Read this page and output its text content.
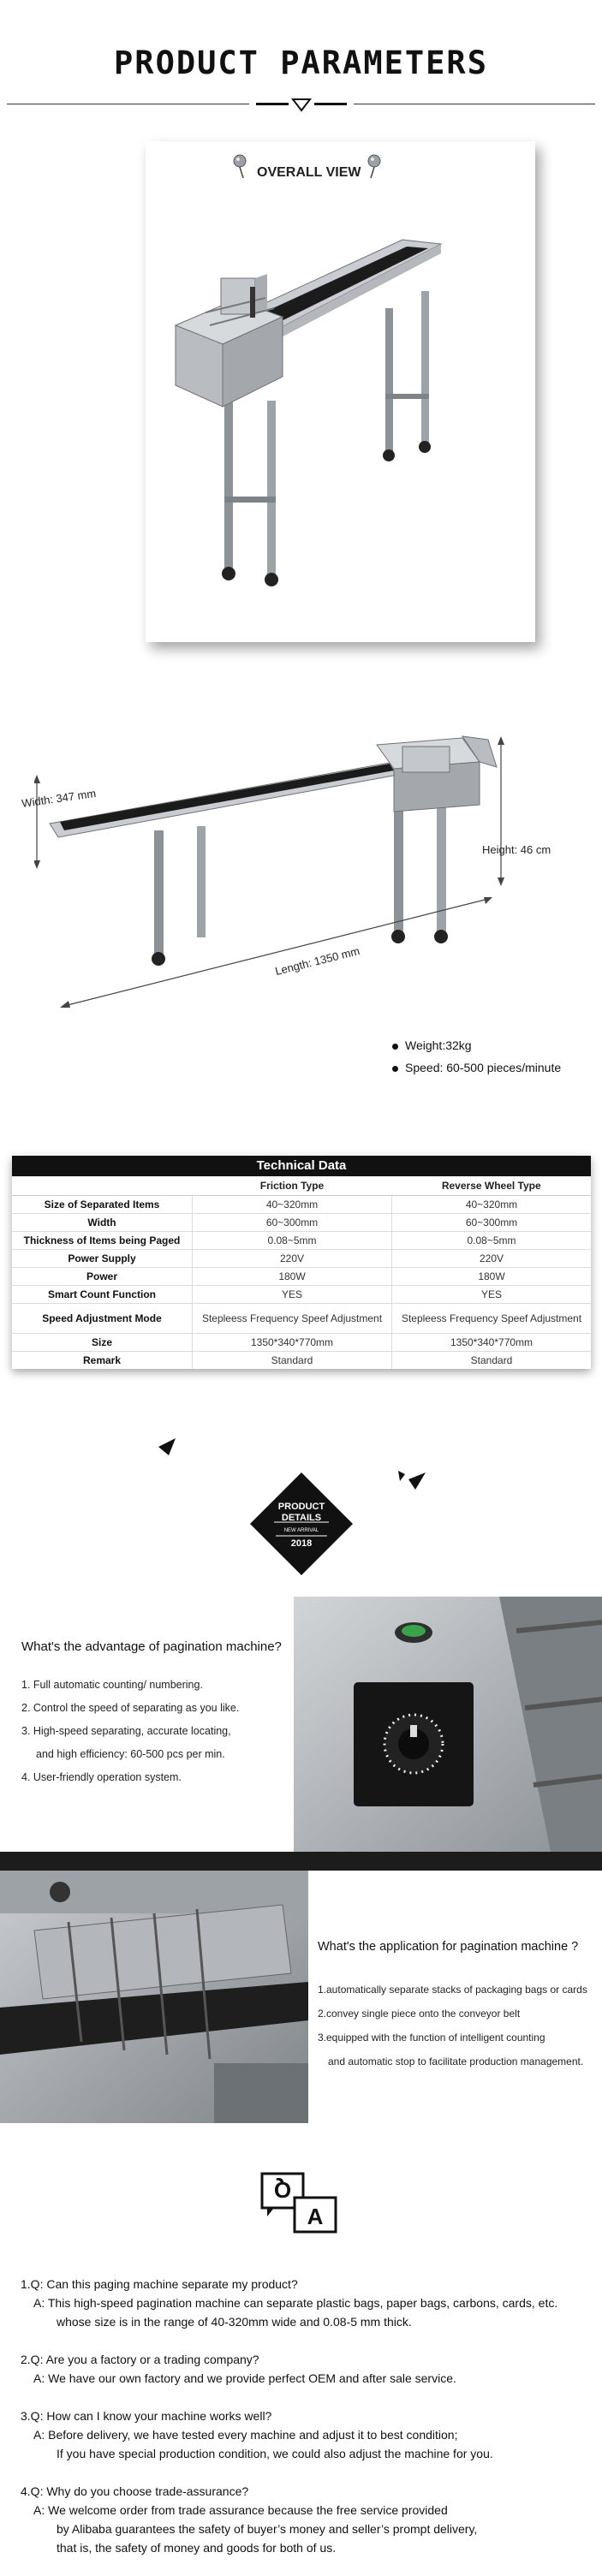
PRODUCT PARAMETERS
OVERALL VIEW
Width: 347 mm
Height: 46 cm
Length: 1350 mm
Weight:32kg
Speed: 60-500 pieces/minute
Technical Data
	Friction Type	Reverse Wheel Type
Size of Separated Items	40~320mm	40~320mm
Width	60~300mm	60~300mm
Thickness of Items being Paged	0.08~5mm	0.08~5mm
Power Supply	220V	220V
Power	180W	180W
Smart Count Function	YES	YES
Speed Adjustment Mode	Stepleess Frequency Speef Adjustment	Stepleess Frequency Speef Adjustment
Size	1350*340*770mm	1350*340*770mm
Remark	Standard	Standard
PRODUCT
DETAILS
NEW ARRIVAL
2018
What's the advantage of pagination machine?
1. Full automatic counting/ numbering.
2. Control the speed of separating as you like.
3. High-speed separating, accurate locating,
and high efficiency: 60-500 pcs per min.
4. User-friendly operation system.
What's the application for pagination machine ?
1.automatically separate stacks of packaging bags or cards
2.convey single piece onto the conveyor belt
3.equipped with the function of intelligent counting
and automatic stop to facilitate production management.
Q
A
1.Q: Can this paging machine separate my product?
A: This high-speed pagination machine can separate plastic bags, paper bags, carbons, cards, etc.
whose size is in the range of 40-320mm wide and 0.08-5 mm thick.
2.Q: Are you a factory or a trading company?
A: We have our own factory and we provide perfect OEM and after sale service.
3.Q: How can I know your machine works well?
A: Before delivery, we have tested every machine and adjust it to best condition;
If you have special production condition, we could also adjust the machine for you.
4.Q: Why do you choose trade-assurance?
A: We welcome order from trade assurance because the free service provided
by Alibaba guarantees the safety of buyer’s money and seller’s prompt delivery,
that is, the safety of money and goods for both of us.
